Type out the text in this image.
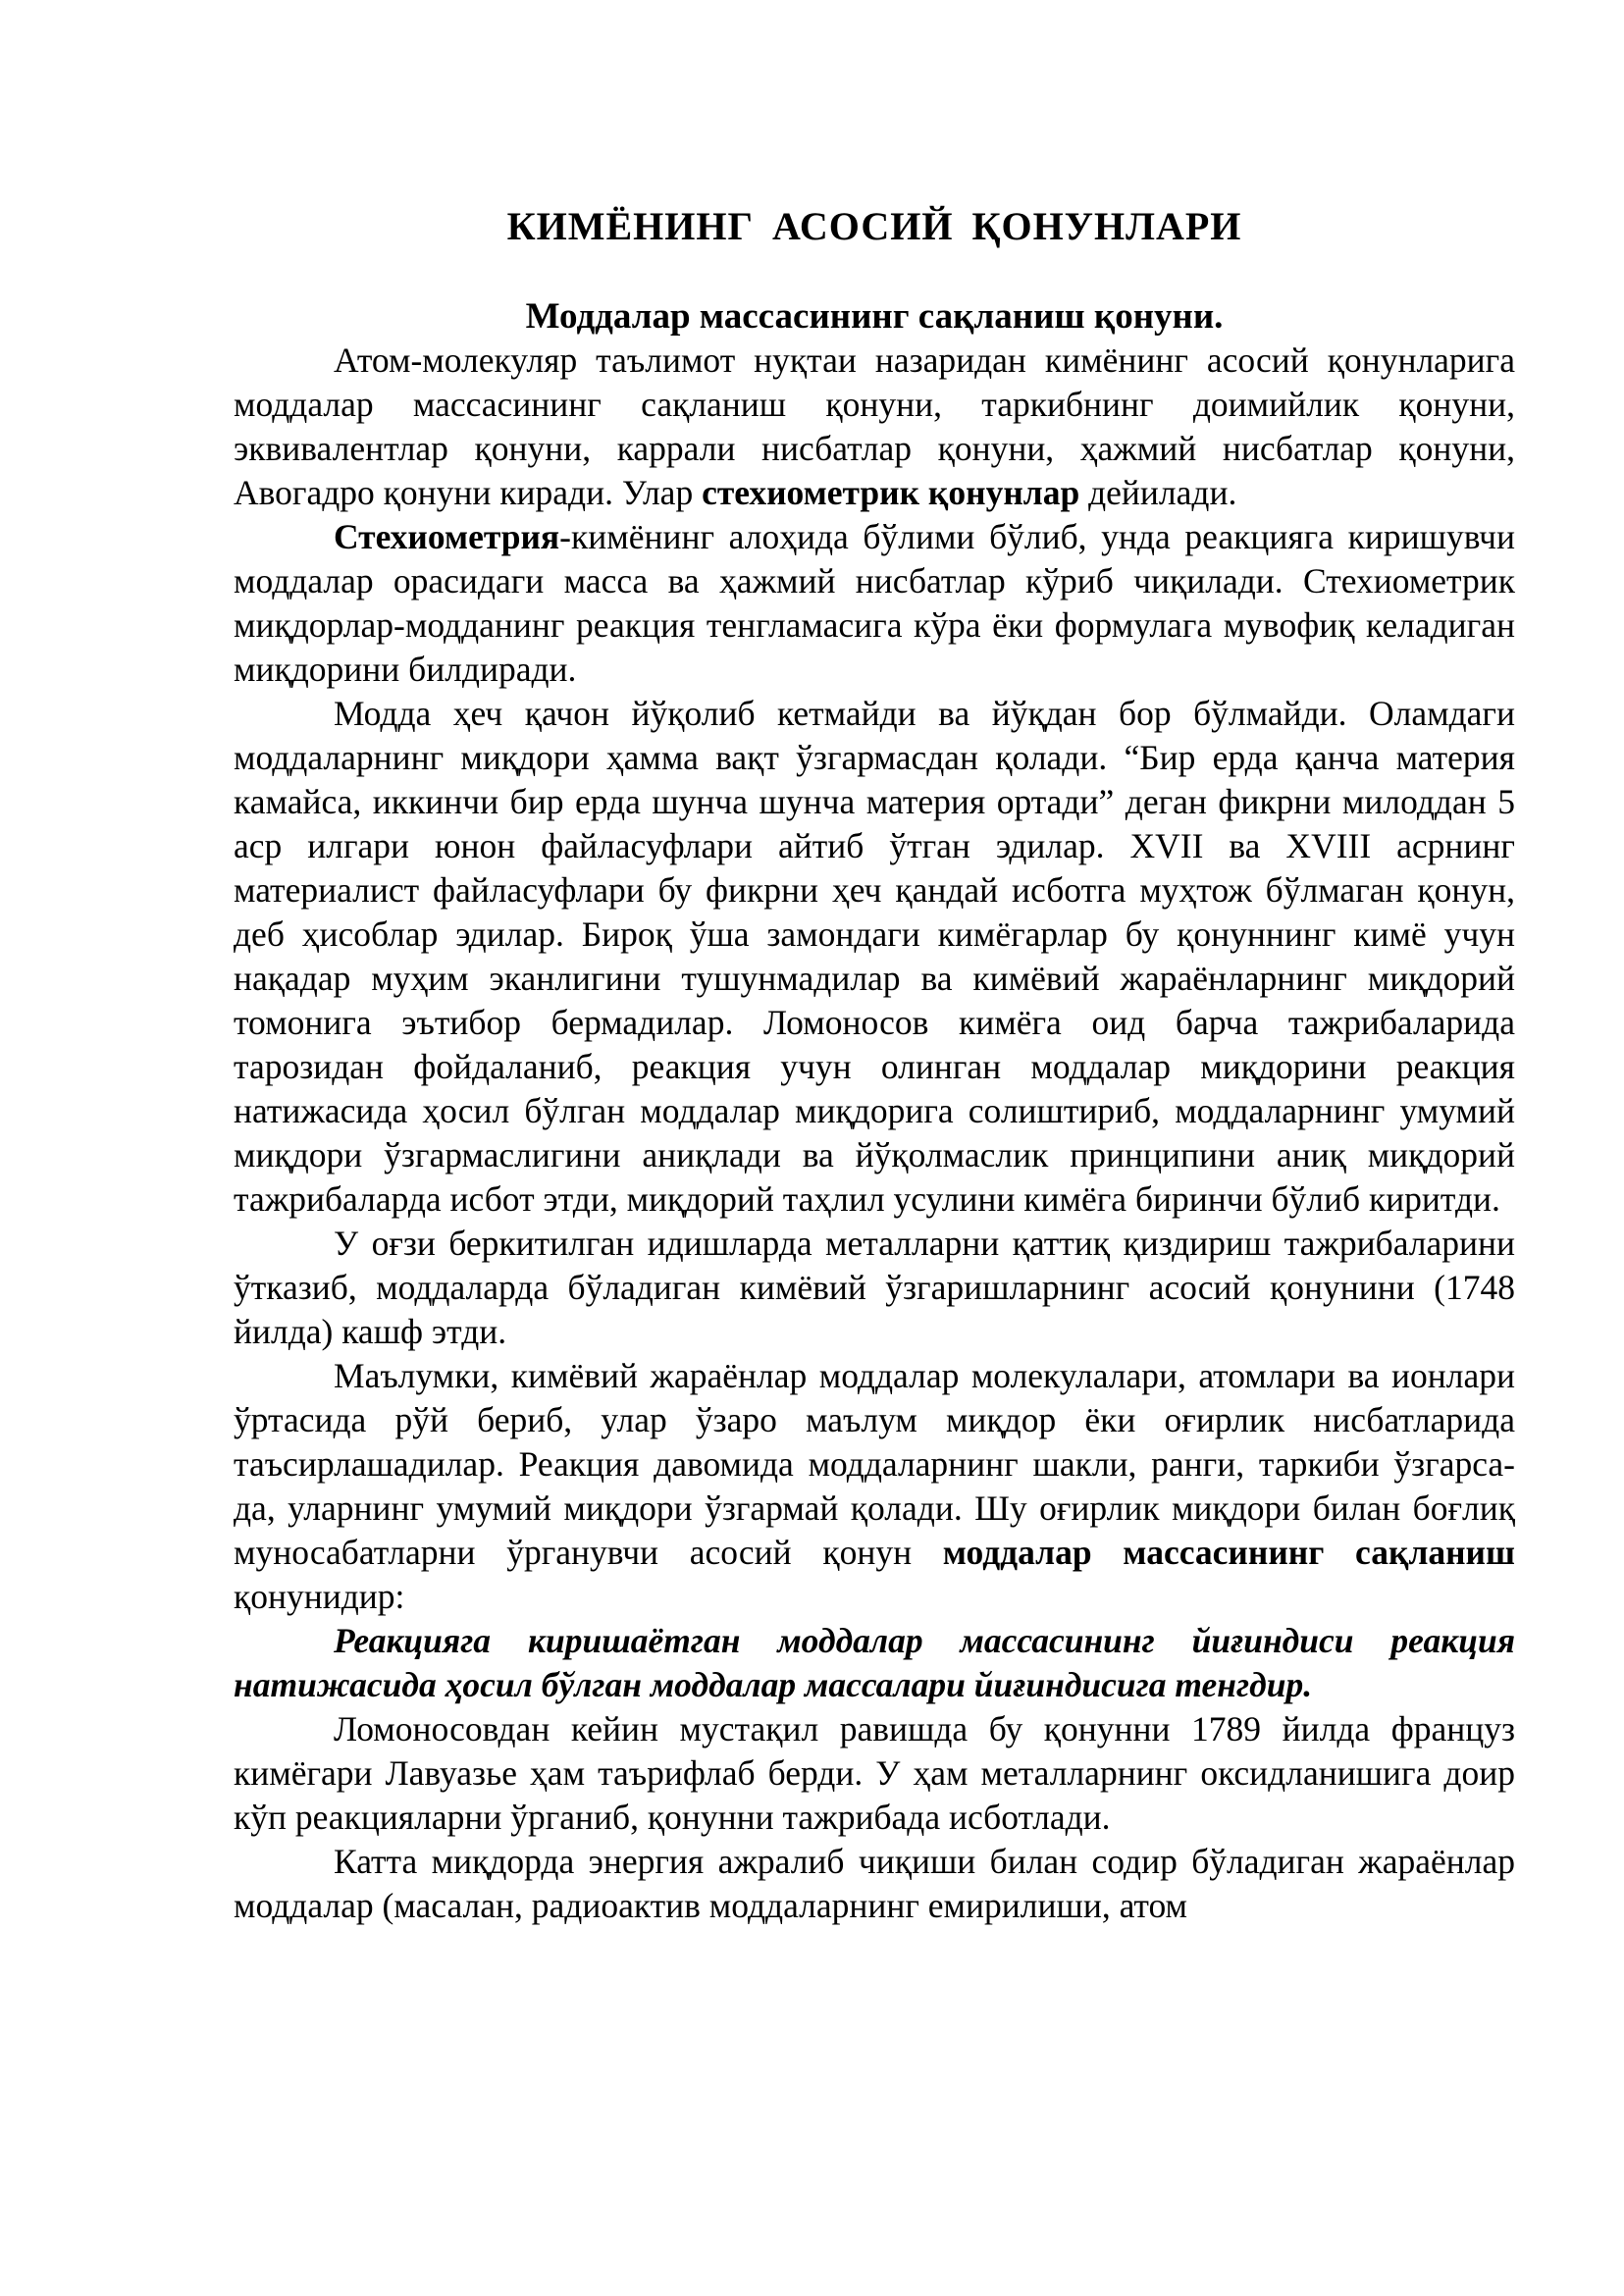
КИМЁНИНГ АСОСИЙ ҚОНУНЛАРИ
Моддалар массасининг сақланиш қонуни.

Атом-молекуляр таълимот нуқтаи назаридан кимёнинг асосий қонунларига моддалар массасининг сақланиш қонуни, таркибнинг доимийлик қонуни, эквивалентлар қонуни, каррали нисбатлар қонуни, ҳажмий нисбатлар қонуни, Авогадро қонуни киради. Улар стехиометрик қонунлар дейилади.

Стехиометрия-кимёнинг алоҳида бўлими бўлиб, унда реакцияга киришувчи моддалар орасидаги масса ва ҳажмий нисбатлар кўриб чиқилади. Стехиометрик миқдорлар-модданинг реакция тенгламасига кўра ёки формулага мувофиқ келадиган миқдорини билдиради.

Модда ҳеч қачон йўқолиб кетмайди ва йўқдан бор бўлмайди. Оламдаги моддаларнинг миқдори ҳамма вақт ўзгармасдан қолади. “Бир ерда қанча материя камайса, иккинчи бир ерда шунча шунча материя ортади” деган фикрни милоддан 5 аср илгари юнон файласуфлари айтиб ўтган эдилар. XVII ва XVIII асрнинг материалист файласуфлари бу фикрни ҳеч қандай исботга муҳтож бўлмаган қонун, деб ҳисоблар эдилар. Бироқ ўша замондаги кимёгарлар бу қонуннинг кимё учун нақадар муҳим эканлигини тушунмадилар ва кимёвий жараёнларнинг миқдорий томонига эътибор бермадилар. Ломоносов кимёга оид барча тажрибаларида тарозидан фойдаланиб, реакция учун олинган моддалар миқдорини реакция натижасида ҳосил бўлган моддалар миқдорига солиштириб, моддаларнинг умумий миқдори ўзгармаслигини аниқлади ва йўқолмаслик принципини аниқ миқдорий тажрибаларда исбот этди, миқдорий таҳлил усулини кимёга биринчи бўлиб киритди.

У оғзи беркитилган идишларда металларни қаттиқ қиздириш тажрибаларини ўтказиб, моддаларда бўладиган кимёвий ўзгаришларнинг асосий қонунини (1748 йилда) кашф этди.

Маълумки, кимёвий жараёнлар моддалар молекулалари, атомлари ва ионлари ўртасида рўй бериб, улар ўзаро маълум миқдор ёки оғирлик нисбатларида таъсирлашадилар. Реакция давомида моддаларнинг шакли, ранги, таркиби ўзгарса-да, уларнинг умумий миқдори ўзгармай қолади. Шу оғирлик миқдори билан боғлиқ муносабатларни ўрганувчи асосий қонун моддалар массасининг сақланиш қонунидир:

Реакцияга киришаётган моддалар массасининг йиғиндиси реакция натижасида ҳосил бўлган моддалар массалари йиғиндисига тенгдир.

Ломоносовдан кейин мустақил равишда бу қонунни 1789 йилда француз кимёгари Лавуазье ҳам таърифлаб берди. У ҳам металларнинг оксидланишига доир кўп реакцияларни ўрганиб, қонунни тажрибада исботлади.

Катта миқдорда энергия ажралиб чиқиши билан содир бўладиган жараёнлар моддалар (масалан, радиоактив моддаларнинг емирилиши, атом
